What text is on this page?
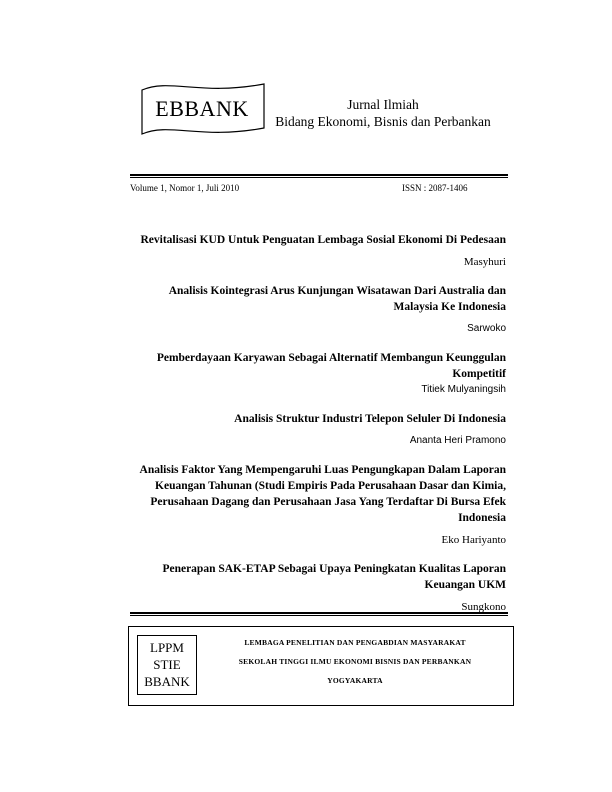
EBBANK	Jurnal Ilmiah
Bidang Ekonomi, Bisnis dan Perbankan
Volume 1, Nomor 1, Juli 2010	ISSN : 2087-1406

Revitalisasi KUD Untuk Penguatan Lembaga Sosial Ekonomi Di Pedesaan

Masyhuri

Analisis Kointegrasi Arus Kunjungan Wisatawan Dari Australia dan
Malaysia Ke Indonesia

Sarwoko

Pemberdayaan Karyawan Sebagai Alternatif Membangun Keunggulan
Kompetitif

Titiek Mulyaningsih

Analisis Struktur Industri Telepon Seluler Di Indonesia

Ananta Heri Pramono

Analisis Faktor Yang Mempengaruhi Luas Pengungkapan Dalam Laporan
Keuangan Tahunan (Studi Empiris Pada Perusahaan Dasar dan Kimia,
Perusahaan Dagang dan Perusahaan Jasa Yang Terdaftar Di Bursa Efek
Indonesia

Eko Hariyanto

Penerapan SAK-ETAP Sebagai Upaya Peningkatan Kualitas Laporan
Keuangan UKM

Sungkono

LPPM
STIE
BBANK
LEMBAGA PENELITIAN DAN PENGABDIAN MASYARAKAT
SEKOLAH TINGGI ILMU EKONOMI BISNIS DAN PERBANKAN
YOGYAKARTA
